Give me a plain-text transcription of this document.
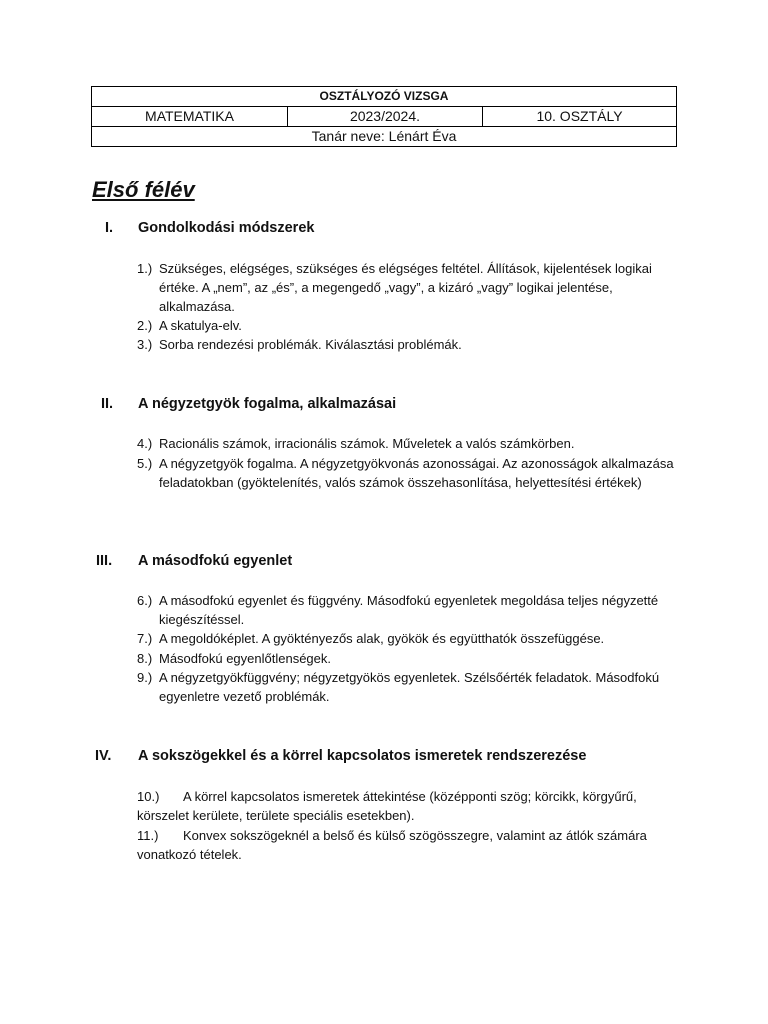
OSZTÁLYOZÓ VIZSGA
MATEMATIKA	2023/2024.	10. OSZTÁLY
Tanár neve: Lénárt Éva
Első félév
I. Gondolkodási módszerek
1.) Szükséges, elégséges, szükséges és elégséges feltétel. Állítások, kijelentések logikai értéke. A „nem”, az „és”, a megengedő „vagy”, a kizáró „vagy” logikai jelentése, alkalmazása.
2.) A skatulya-elv.
3.) Sorba rendezési problémák. Kiválasztási problémák.
II. A négyzetgyök fogalma, alkalmazásai
4.) Racionális számok, irracionális számok. Műveletek a valós számkörben.
5.) A négyzetgyök fogalma. A négyzetgyökvonás azonosságai. Az azonosságok alkalmazása feladatokban (gyöktelenítés, valós számok összehasonlítása, helyettesítési értékek)
III. A másodfokú egyenlet
6.) A másodfokú egyenlet és függvény. Másodfokú egyenletek megoldása teljes négyzetté kiegészítéssel.
7.) A megoldóképlet. A gyöktényezős alak, gyökök és együtthatók összefüggése.
8.) Másodfokú egyenlőtlenségek.
9.) A négyzetgyökfüggvény; négyzetgyökös egyenletek. Szélsőérték feladatok. Másodfokú egyenletre vezető problémák.
IV. A sokszögekkel és a körrel kapcsolatos ismeretek rendszerezése
10.) A körrel kapcsolatos ismeretek áttekintése (középponti szög; körcikk, körgyűrű, körszelet kerülete, területe speciális esetekben).
11.) Konvex sokszögeknél a belső és külső szögösszegre, valamint az átlók számára vonatkozó tételek.
